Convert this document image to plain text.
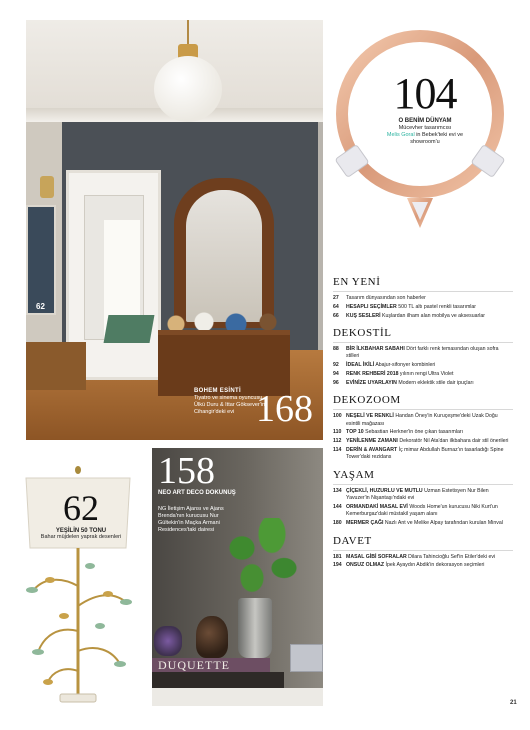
62
BOHEM ESİNTİ
Tiyatro ve sinema oyuncusu Ülkü Duru & Ittar Göksever'in Cihangir'deki evi 168
104
O BENİM DÜNYAM
Mücevher tasarımcısı
Melis Goral in Bebek'teki evi ve showroom'u
EN YENİ
27	Tasarım dünyasından son haberler
64	HESAPLI SEÇİMLER 500 TL altı pastel renkli tasarımlar
66	KUŞ SESLERİ Kuşlardan ilham alan mobilya ve aksesuarlar
DEKOSTİL
88	BİR İLKBAHAR SABAHI Dört farklı renk temasından oluşan sofra stilleri
92	İDEAL İKİLİ Abajur-sifonyer kombinleri
94	RENK REHBERİ 2018 yılının rengi Ultra Violet
96	EVİNİZE UYARLAYIN Modern eklektik stile dair ipuçları
DEKOZOOM
100 NEŞELİ VE RENKLİ Handan Öney'in Kuruçeşme'deki Uzak Doğu esintili mağazası
110 TOP 10 Sebastian Herkner'in öne çıkan tasarımları
112 YENİLENME ZAMANI Dekoratör Nil Ata'dan ilkbahara dair stil önerileri
114 DERİN & AVANGART İç mimar Abdullah Burnaz'ın tasarladığı Spine Tower'daki rezidans
YAŞAM
134 ÇİÇEKLİ, HUZURLU VE MUTLU Uzman Estetisyen Nur Bilen Yavuzer'in Nişantaşı'ndaki evi
144 ORMANDAKİ MASAL EVİ Woods Home'un kurucusu Niki Kurt'un Kemerburgaz'daki müstakil yaşam alanı
180 MERMER ÇAĞI Nazlı Ant ve Melike Alpay tarafından kurulan Minval
DAVET
181 MASAL GİBİ SOFRALAR Dilara Tahincioğlu Sef'in Etiler'deki evi
194 ONSUZ OLMAZ İpek Ayaydın Abdik'in dekorasyon seçimleri
62
YEŞİLİN 50 TONU
Bahar müjdelen yaprak desenleri
DUQUETTE
158
NEO ART DECO DOKUNUŞ
NG İletişim Ajansı ve Ajans Brenda'nın kurucusu Nur Gültekin'in Maçka Armani Residences'taki dairesi
21
